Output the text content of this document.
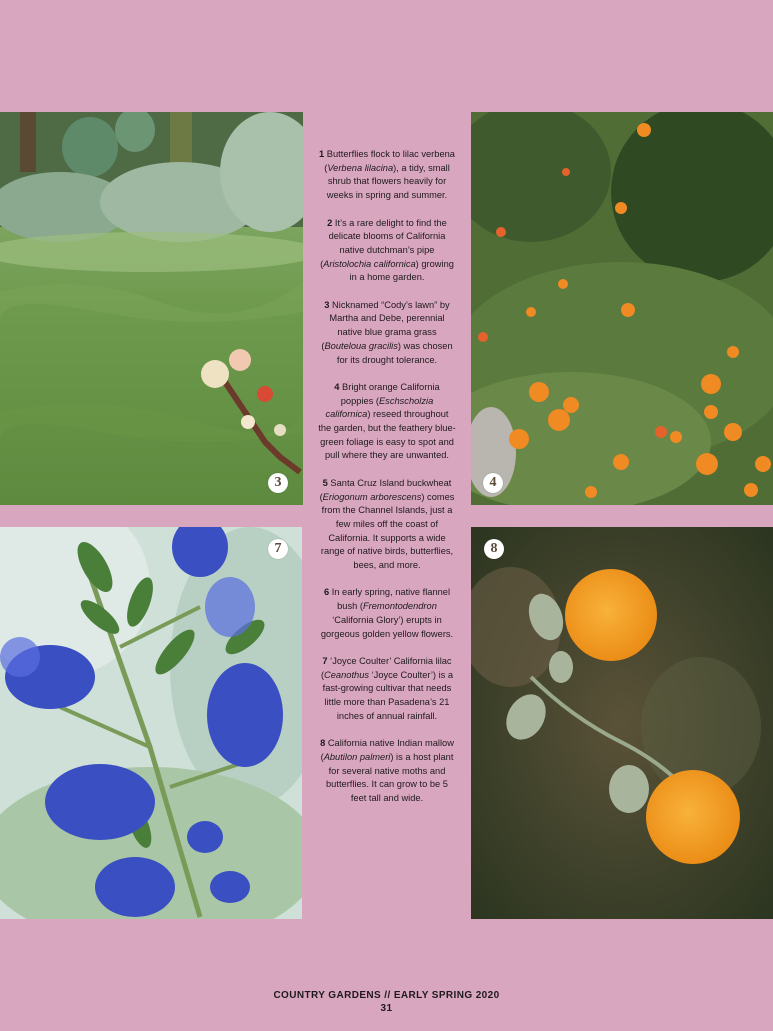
3	4
7	8

1 Butterflies flock to lilac verbena (Verbena lilacina), a tidy, small shrub that flowers heavily for weeks in spring and summer.

2 It’s a rare delight to find the delicate blooms of California native dutchman’s pipe (Aristolochia californica) growing in a home garden.

3 Nicknamed “Cody’s lawn” by Martha and Debe, perennial native blue grama grass (Bouteloua gracilis) was chosen for its drought tolerance.

4 Bright orange California poppies (Eschscholzia californica) reseed throughout the garden, but the feathery blue-green foliage is easy to spot and pull where they are unwanted.

5 Santa Cruz Island buckwheat (Eriogonum arborescens) comes from the Channel Islands, just a few miles off the coast of California. It supports a wide range of native birds, butterflies, bees, and more.

6 In early spring, native flannel bush (Fremontodendron ‘California Glory’) erupts in gorgeous golden yellow flowers.

7 ‘Joyce Coulter’ California lilac (Ceanothus ‘Joyce Coulter’) is a fast-growing cultivar that needs little more than Pasadena’s 21 inches of annual rainfall.

8 California native Indian mallow (Abutilon palmeri) is a host plant for several native moths and butterflies. It can grow to be 5 feet tall and wide.

COUNTRY GARDENS // EARLY SPRING 2020
31
